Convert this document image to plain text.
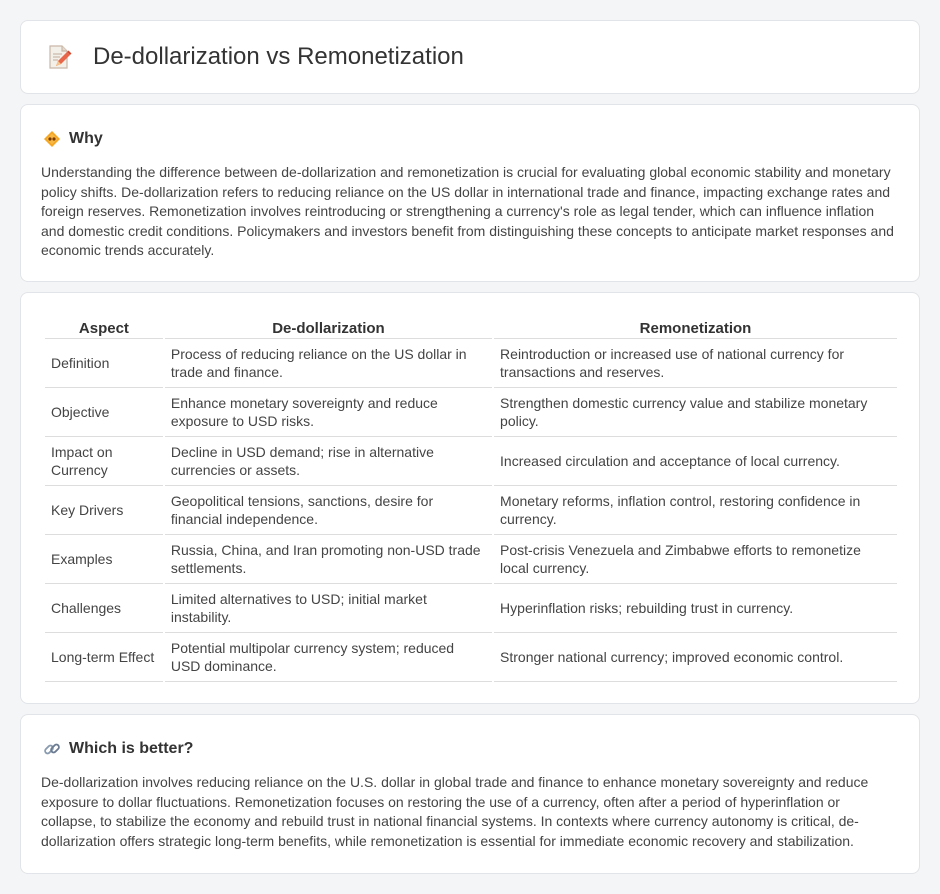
De-dollarization vs Remonetization
Why

Understanding the difference between de-dollarization and remonetization is crucial for evaluating global economic stability and monetary policy shifts. De-dollarization refers to reducing reliance on the US dollar in international trade and finance, impacting exchange rates and foreign reserves. Remonetization involves reintroducing or strengthening a currency's role as legal tender, which can influence inflation and domestic credit conditions. Policymakers and investors benefit from distinguishing these concepts to anticipate market responses and economic trends accurately.

Aspect	De-dollarization	Remonetization
Definition	Process of reducing reliance on the US dollar in trade and finance.	Reintroduction or increased use of national currency for transactions and reserves.
Objective	Enhance monetary sovereignty and reduce exposure to USD risks.	Strengthen domestic currency value and stabilize monetary policy.
Impact on Currency	Decline in USD demand; rise in alternative currencies or assets.	Increased circulation and acceptance of local currency.
Key Drivers	Geopolitical tensions, sanctions, desire for financial independence.	Monetary reforms, inflation control, restoring confidence in currency.
Examples	Russia, China, and Iran promoting non-USD trade settlements.	Post-crisis Venezuela and Zimbabwe efforts to remonetize local currency.
Challenges	Limited alternatives to USD; initial market instability.	Hyperinflation risks; rebuilding trust in currency.
Long-term Effect	Potential multipolar currency system; reduced USD dominance.	Stronger national currency; improved economic control.
Which is better?

De-dollarization involves reducing reliance on the U.S. dollar in global trade and finance to enhance monetary sovereignty and reduce exposure to dollar fluctuations. Remonetization focuses on restoring the use of a currency, often after a period of hyperinflation or collapse, to stabilize the economy and rebuild trust in national financial systems. In contexts where currency autonomy is critical, de-dollarization offers strategic long-term benefits, while remonetization is essential for immediate economic recovery and stabilization.
